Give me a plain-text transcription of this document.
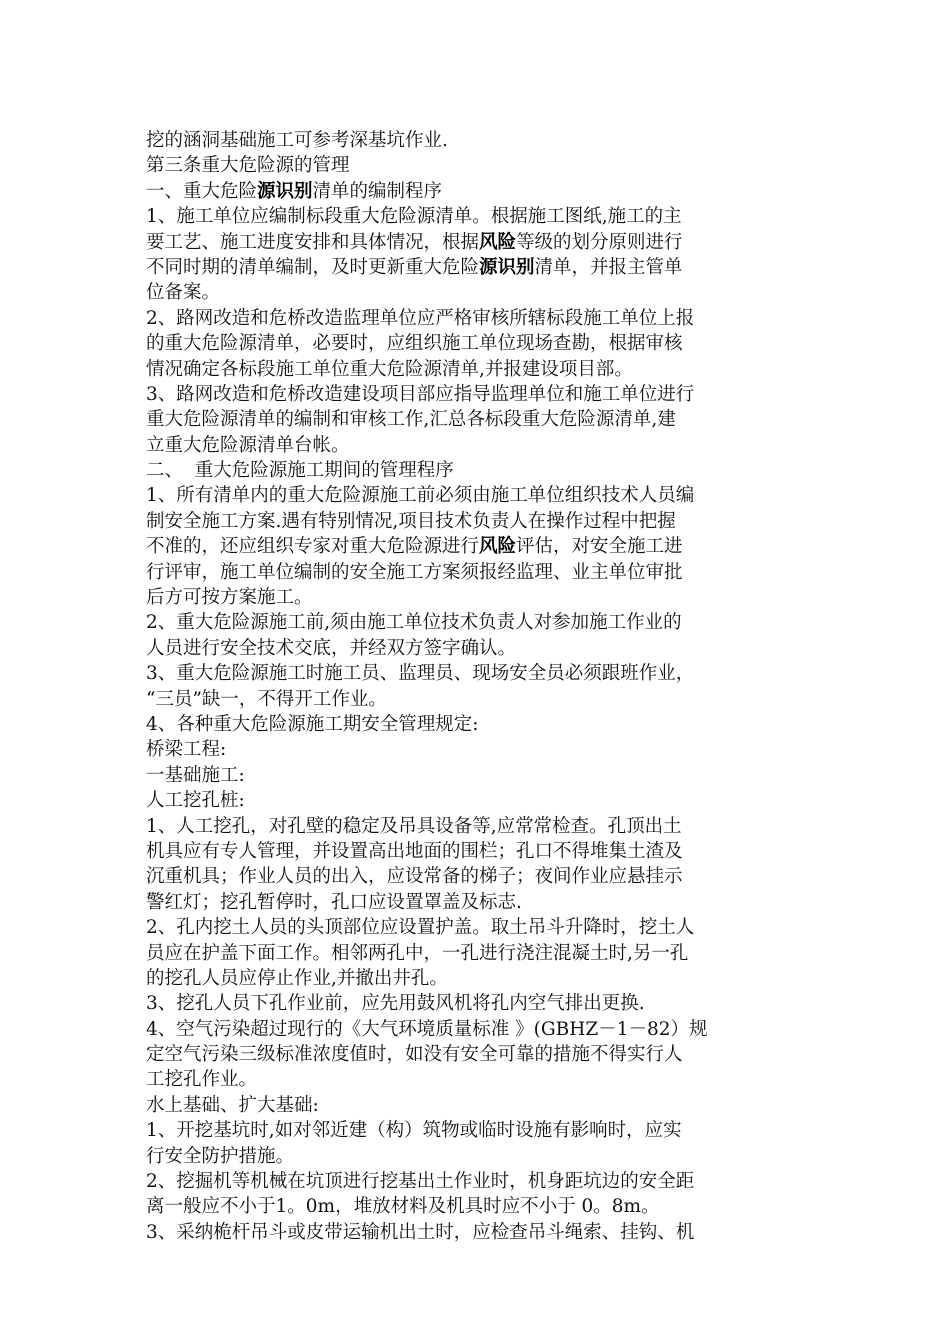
挖的涵洞基础施工可参考深基坑作业.
第三条重大危险源的管理
一、重大危险源识别清单的编制程序
1、施工单位应编制标段重大危险源清单。根据施工图纸,施工的主
要工艺、施工进度安排和具体情况，根据风险等级的划分原则进行
不同时期的清单编制，及时更新重大危险源识别清单，并报主管单
位备案。
2、路网改造和危桥改造监理单位应严格审核所辖标段施工单位上报
的重大危险源清单，必要时，应组织施工单位现场查勘，根据审核
情况确定各标段施工单位重大危险源清单,并报建设项目部。
3、路网改造和危桥改造建设项目部应指导监理单位和施工单位进行
重大危险源清单的编制和审核工作,汇总各标段重大危险源清单,建
立重大危险源清单台帐。
二、  重大危险源施工期间的管理程序
1、所有清单内的重大危险源施工前必须由施工单位组织技术人员编
制安全施工方案.遇有特别情况,项目技术负责人在操作过程中把握
不准的，还应组织专家对重大危险源进行风险评估，对安全施工进
行评审，施工单位编制的安全施工方案须报经监理、业主单位审批
后方可按方案施工。
2、重大危险源施工前,须由施工单位技术负责人对参加施工作业的
人员进行安全技术交底，并经双方签字确认。
3、重大危险源施工时施工员、监理员、现场安全员必须跟班作业，
“三员”缺一，不得开工作业。
4、各种重大危险源施工期安全管理规定:
桥梁工程:
一基础施工:
人工挖孔桩:
1、人工挖孔，对孔壁的稳定及吊具设备等,应常常检查。孔顶出土
机具应有专人管理，并设置高出地面的围栏；孔口不得堆集土渣及
沉重机具；作业人员的出入，应设常备的梯子；夜间作业应悬挂示
警红灯；挖孔暂停时，孔口应设置罩盖及标志.
2、孔内挖土人员的头顶部位应设置护盖。取土吊斗升降时，挖土人
员应在护盖下面工作。相邻两孔中，一孔进行浇注混凝土时,另一孔
的挖孔人员应停止作业,并撤出井孔。
3、挖孔人员下孔作业前，应先用鼓风机将孔内空气排出更换.
4、空气污染超过现行的《大气环境质量标准 》(GBHZ－1－82）规
定空气污染三级标准浓度值时，如没有安全可靠的措施不得实行人
工挖孔作业。
水上基础、扩大基础:
1、开挖基坑时,如对邻近建（构）筑物或临时设施有影响时，应实
行安全防护措施。
2、挖掘机等机械在坑顶进行挖基出土作业时，机身距坑边的安全距
离一般应不小于1。0m，堆放材料及机具时应不小于 0。8m。
3、采纳桅杆吊斗或皮带运输机出土时，应检查吊斗绳索、挂钩、机
